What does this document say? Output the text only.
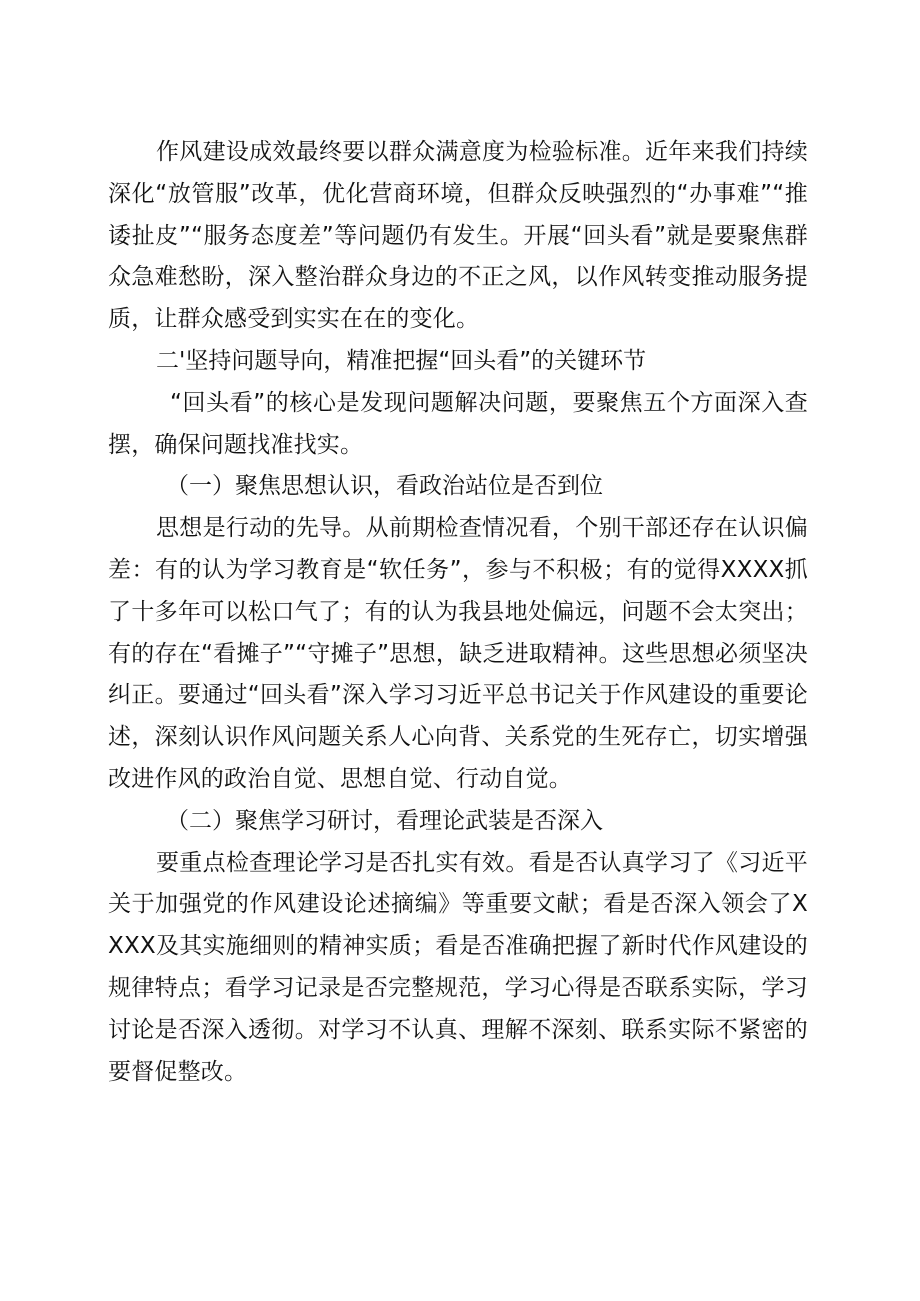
作风建设成效最终要以群众满意度为检验标准。近年来我们持续深化“放管服”改革，优化营商环境，但群众反映强烈的“办事难”“推诿扯皮”“服务态度差”等问题仍有发生。开展“回头看”就是要聚焦群众急难愁盼，深入整治群众身边的不正之风，以作风转变推动服务提质，让群众感受到实实在在的变化。

二'坚持问题导向，精准把握“回头看”的关键环节

“回头看”的核心是发现问题解决问题，要聚焦五个方面深入查摆，确保问题找准找实。

（一）聚焦思想认识，看政治站位是否到位

思想是行动的先导。从前期检查情况看，个别干部还存在认识偏差：有的认为学习教育是“软任务”，参与不积极；有的觉得XXXX抓了十多年可以松口气了；有的认为我县地处偏远，问题不会太突出；有的存在“看摊子”“守摊子”思想，缺乏进取精神。这些思想必须坚决纠正。要通过“回头看”深入学习习近平总书记关于作风建设的重要论述，深刻认识作风问题关系人心向背、关系党的生死存亡，切实增强改进作风的政治自觉、思想自觉、行动自觉。

（二）聚焦学习研讨，看理论武装是否深入

要重点检查理论学习是否扎实有效。看是否认真学习了《习近平关于加强党的作风建设论述摘编》等重要文献；看是否深入领会了XXXX及其实施细则的精神实质；看是否准确把握了新时代作风建设的规律特点；看学习记录是否完整规范，学习心得是否联系实际，学习讨论是否深入透彻。对学习不认真、理解不深刻、联系实际不紧密的要督促整改。
